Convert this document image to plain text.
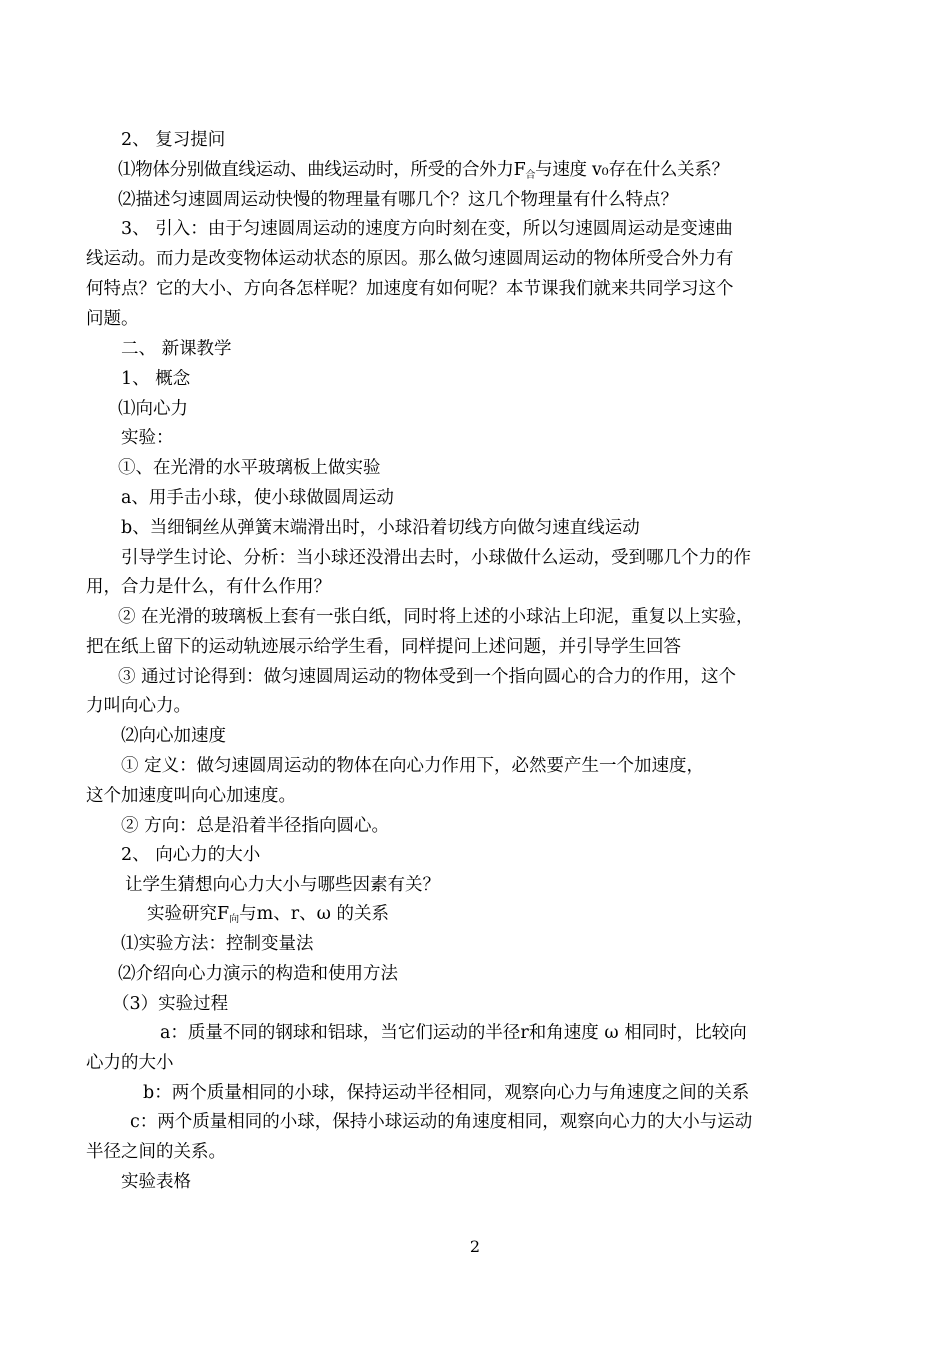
2、 复习提问
⑴物体分别做直线运动、曲线运动时，所受的合外力$F_合$与速度 v₀存在什么关系？
⑵描述匀速圆周运动快慢的物理量有哪几个？这几个物理量有什么特点？
3、 引入：由于匀速圆周运动的速度方向时刻在变，所以匀速圆周运动是变速曲
线运动。而力是改变物体运动状态的原因。那么做匀速圆周运动的物体所受合外力有
何特点？它的大小、方向各怎样呢？加速度有如何呢？本节课我们就来共同学习这个
问题。
二、 新课教学
1、 概念
⑴向心力
实验：
①、在光滑的水平玻璃板上做实验
a、用手击小球，使小球做圆周运动
b、当细铜丝从弹簧末端滑出时，小球沿着切线方向做匀速直线运动
引导学生讨论、分析：当小球还没滑出去时，小球做什么运动，受到哪几个力的作
用，合力是什么，有什么作用？
② 在光滑的玻璃板上套有一张白纸，同时将上述的小球沾上印泥，重复以上实验，
把在纸上留下的运动轨迹展示给学生看，同样提问上述问题，并引导学生回答
③ 通过讨论得到：做匀速圆周运动的物体受到一个指向圆心的合力的作用，这个
力叫向心力。
⑵向心加速度
① 定义：做匀速圆周运动的物体在向心力作用下，必然要产生一个加速度，
这个加速度叫向心加速度。
② 方向：总是沿着半径指向圆心。
2、 向心力的大小
让学生猜想向心力大小与哪些因素有关？
实验研究$F_向$与m、r、ω 的关系
⑴实验方法：控制变量法
⑵介绍向心力演示的构造和使用方法
（3）实验过程
a：质量不同的钢球和铝球，当它们运动的半径r和角速度 ω 相同时，比较向
心力的大小
b：两个质量相同的小球，保持运动半径相同，观察向心力与角速度之间的关系
c：两个质量相同的小球，保持小球运动的角速度相同，观察向心力的大小与运动
半径之间的关系。
实验表格
2
